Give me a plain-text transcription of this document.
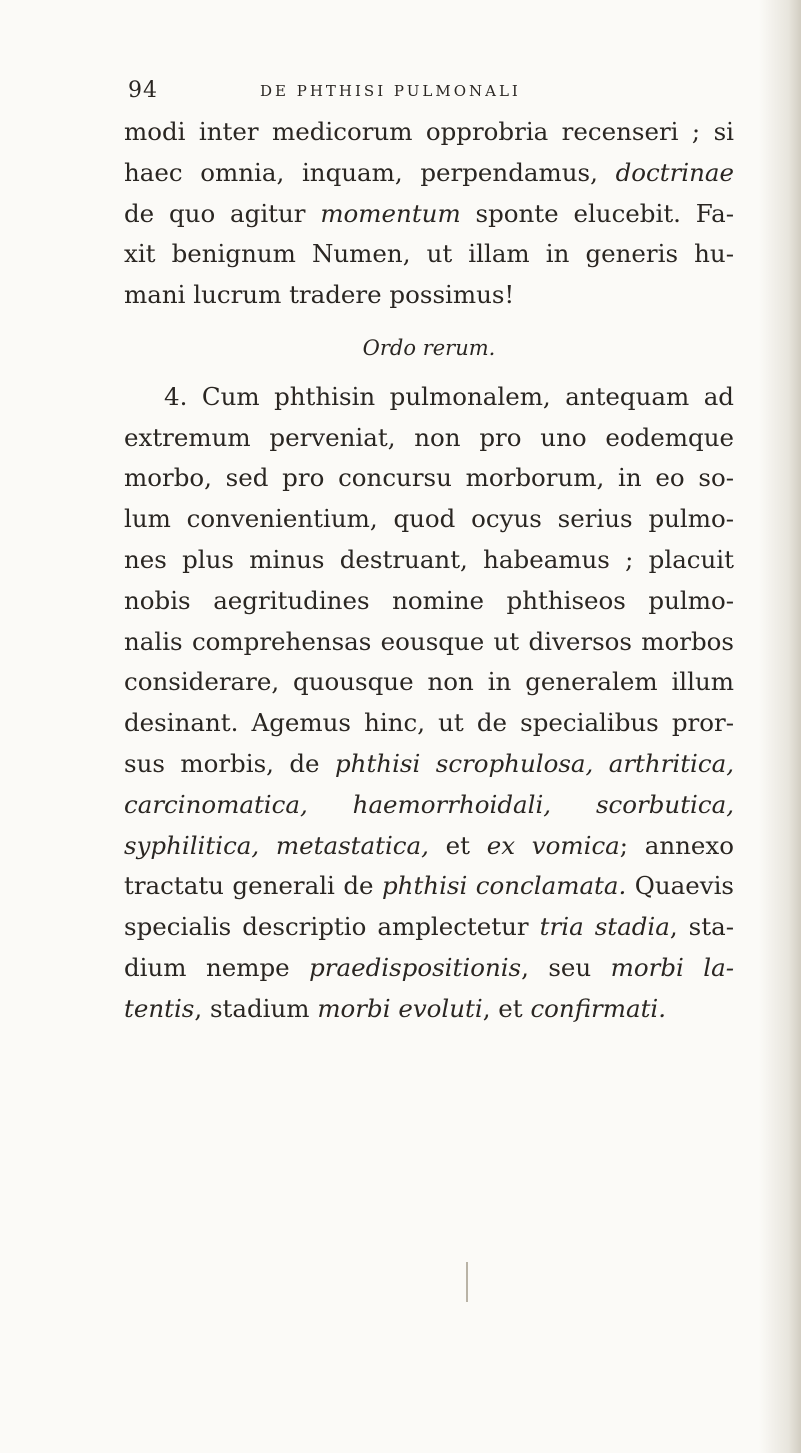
94	DE PHTHISI PULMONALI
modi inter medicorum opprobria recenseri ; si
haec omnia, inquam, perpendamus, doctrinae
de quo agitur momentum sponte elucebit. Fa-
xit benignum Numen, ut illam in generis hu-
mani lucrum tradere possimus!
Ordo rerum.
4. Cum phthisin pulmonalem, antequam ad
extremum perveniat, non pro uno eodemque
morbo, sed pro concursu morborum, in eo so-
lum convenientium, quod ocyus serius pulmo-
nes plus minus destruant, habeamus ; placuit
nobis aegritudines nomine phthiseos pulmo-
nalis comprehensas eousque ut diversos morbos
considerare, quousque non in generalem illum
desinant. Agemus hinc, ut de specialibus pror-
sus morbis, de phthisi scrophulosa, arthritica,
carcinomatica, haemorrhoidali, scorbutica,
syphilitica, metastatica, et ex vomica; annexo
tractatu generali de phthisi conclamata. Quaevis
specialis descriptio amplectetur tria stadia, sta-
dium nempe praedispositionis, seu morbi la-
tentis, stadium morbi evoluti, et confirmati.
